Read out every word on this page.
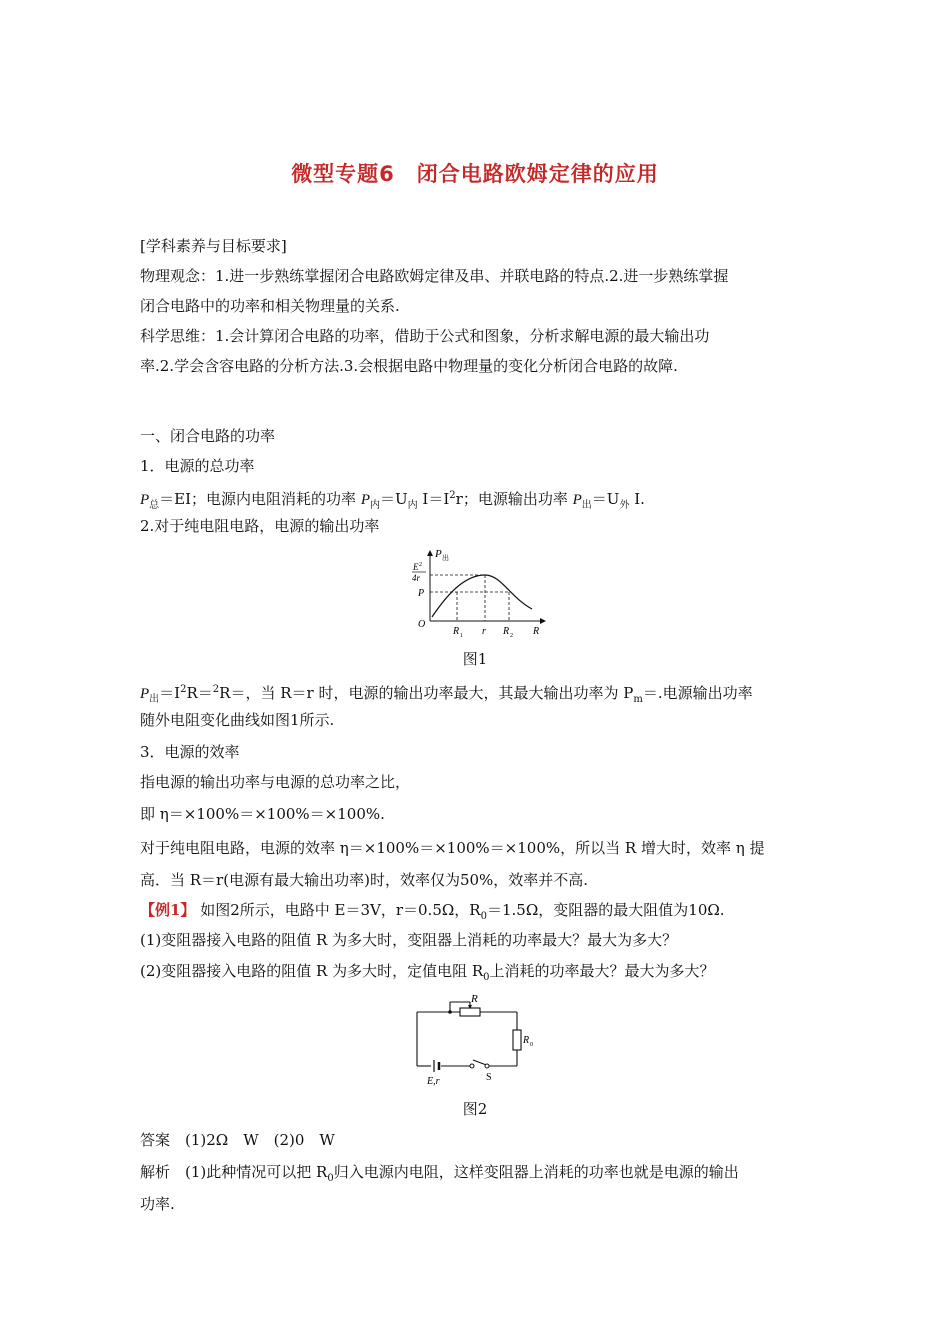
微型专题6　闭合电路欧姆定律的应用
[学科素养与目标要求]
物理观念：1.进一步熟练掌握闭合电路欧姆定律及串、并联电路的特点.2.进一步熟练掌握
闭合电路中的功率和相关物理量的关系.
科学思维：1.会计算闭合电路的功率，借助于公式和图象，分析求解电源的最大输出功
率.2.学会含容电路的分析方法.3.会根据电路中物理量的变化分析闭合电路的故障.
一、闭合电路的功率
1．电源的总功率
$P_总=EI$；电源内电阻消耗的功率 $P_内=U_内$ $I=I^2r$；电源输出功率 $P_出=U_外$ I.
2.对于纯电阻电路，电源的输出功率
P 出
E 2
4r
P
O
R 1 r R 2 R
图1
$P_出=I^2R=^2R=$，当 R＝r 时，电源的输出功率最大，其最大输出功率为 $P_m=$.电源输出功率
随外电阻变化曲线如图1所示.
3．电源的效率
指电源的输出功率与电源的总功率之比，
即 η＝×100%＝×100%＝×100%.
对于纯电阻电路，电源的效率 η＝×100%＝×100%＝×100%，所以当 R 增大时，效率 η 提
高．当 R＝r(电源有最大输出功率)时，效率仅为50%，效率并不高.
【例1】 如图2所示，电路中 E＝3V，r＝0.5Ω，$R_0=1.5\Omega$，变阻器的最大阻值为10Ω.
(1)变阻器接入电路的阻值 R 为多大时，变阻器上消耗的功率最大？最大为多大？
(2)变阻器接入电路的阻值 R 为多大时，定值电阻 $R_0$上消耗的功率最大？最大为多大？
R
R 0
E,r	S
图2
答案　(1)2Ω　W　(2)0　W
解析　(1)此种情况可以把 $R_0$归入电源内电阻，这样变阻器上消耗的功率也就是电源的输出
功率.
